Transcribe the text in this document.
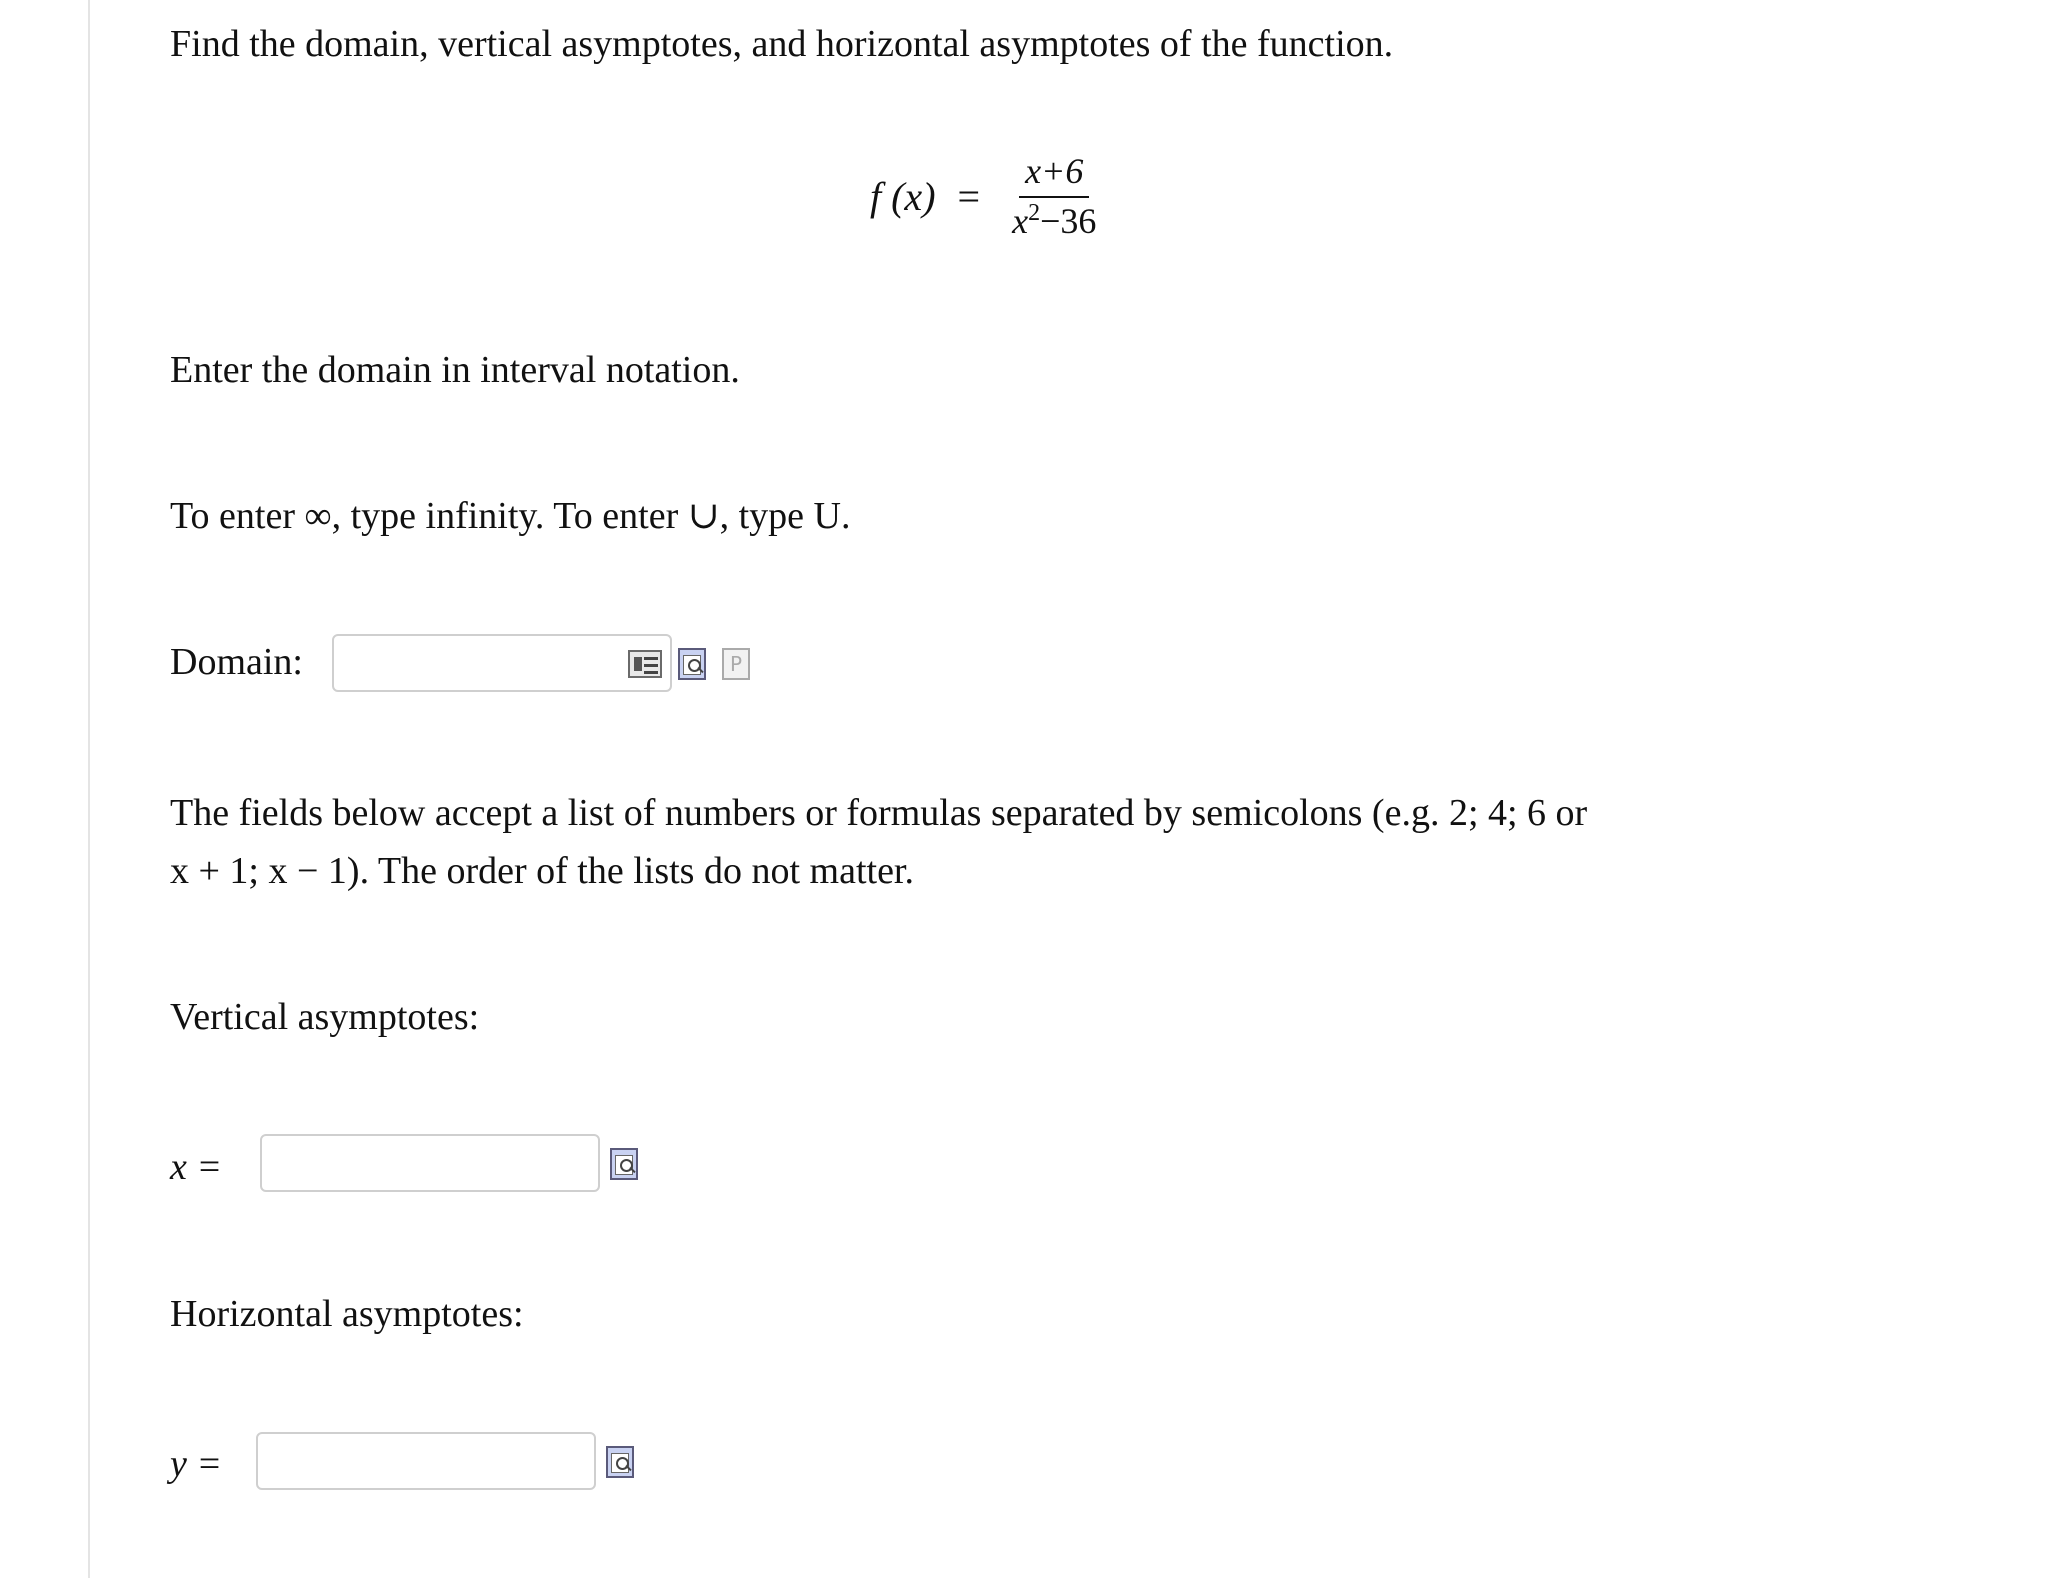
Find the domain, vertical asymptotes, and horizontal asymptotes of the function.
f $(x) = \frac{x+6}{x^2-36}$
Enter the domain in interval notation.
To enter ∞, type infinity. To enter ∪, type U.
Domain:	P
The fields below accept a list of numbers or formulas separated by semicolons (e.g. 2; 4; 6 or
x + 1; x − 1). The order of the lists do not matter.
Vertical asymptotes:
x =
Horizontal asymptotes:
y =
